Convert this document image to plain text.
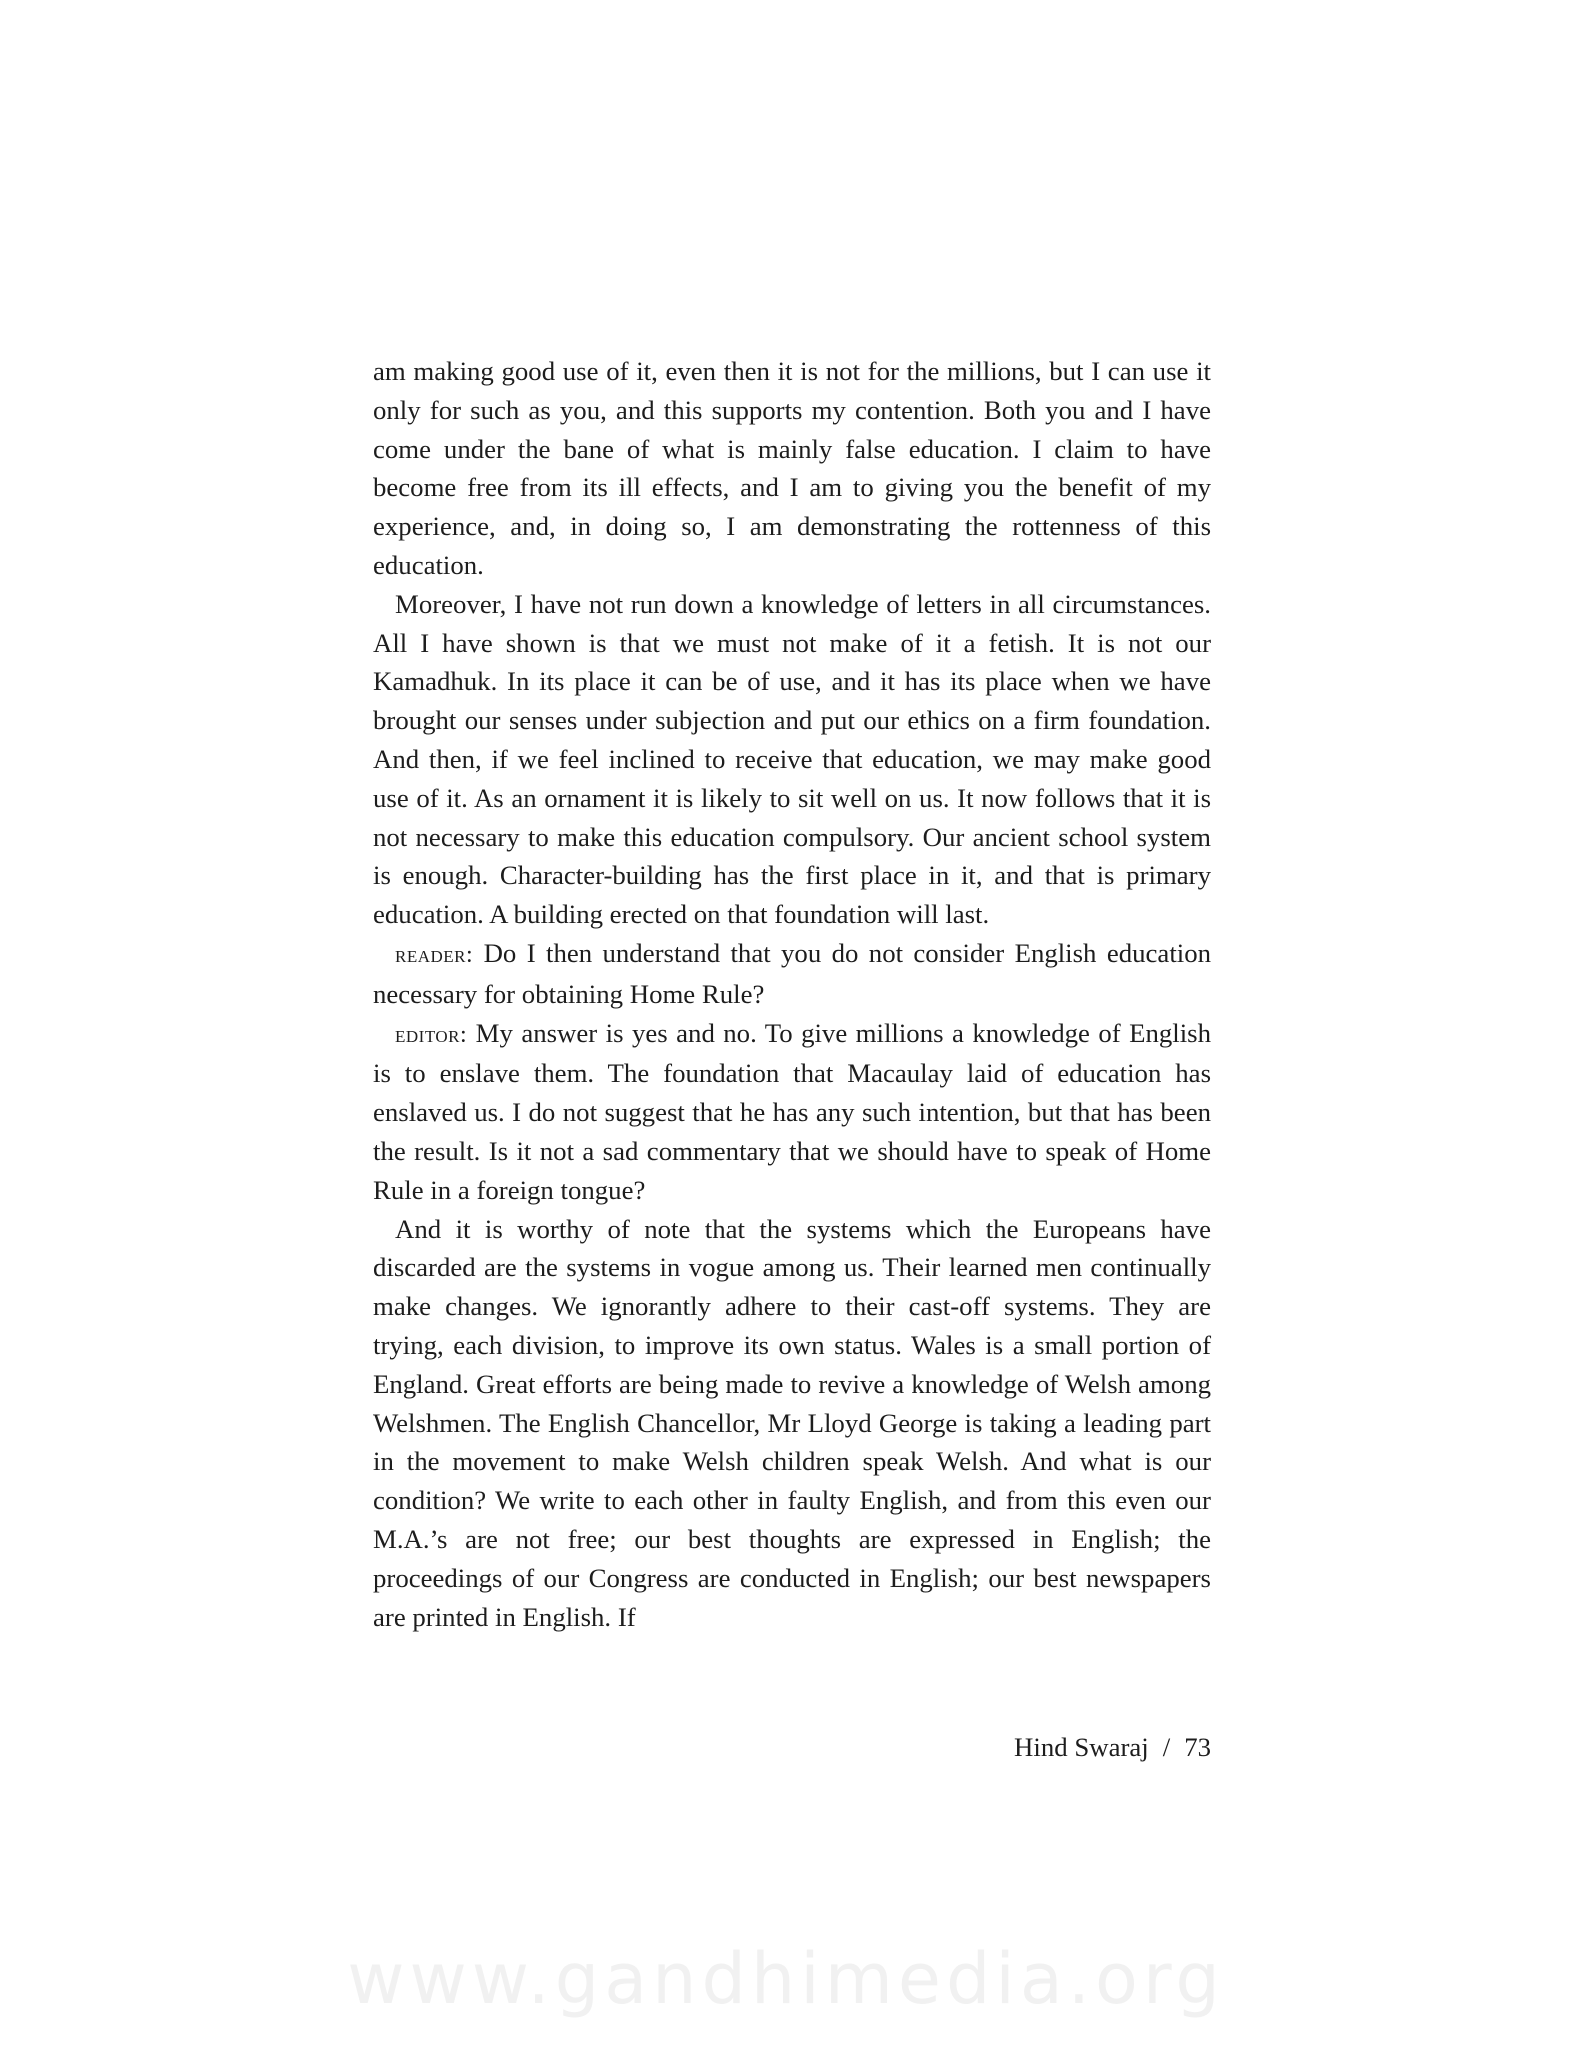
am making good use of it, even then it is not for the millions, but I can use it only for such as you, and this supports my contention. Both you and I have come under the bane of what is mainly false education. I claim to have become free from its ill effects, and I am to giving you the benefit of my experience, and, in doing so, I am demonstrating the rottenness of this education.

Moreover, I have not run down a knowledge of letters in all circumstances. All I have shown is that we must not make of it a fetish. It is not our Kamadhuk. In its place it can be of use, and it has its place when we have brought our senses under subjection and put our ethics on a firm foundation. And then, if we feel inclined to receive that education, we may make good use of it. As an ornament it is likely to sit well on us. It now follows that it is not necessary to make this education compulsory. Our ancient school system is enough. Character-building has the first place in it, and that is primary education. A building erected on that foundation will last.

reader: Do I then understand that you do not consider English education necessary for obtaining Home Rule?

editor: My answer is yes and no. To give millions a knowledge of English is to enslave them. The foundation that Macaulay laid of education has enslaved us. I do not suggest that he has any such intention, but that has been the result. Is it not a sad commentary that we should have to speak of Home Rule in a foreign tongue?

And it is worthy of note that the systems which the Europeans have discarded are the systems in vogue among us. Their learned men continually make changes. We ignorantly adhere to their cast-off systems. They are trying, each division, to improve its own status. Wales is a small portion of England. Great efforts are being made to revive a knowledge of Welsh among Welshmen. The English Chancellor, Mr Lloyd George is taking a leading part in the movement to make Welsh children speak Welsh. And what is our condition? We write to each other in faulty English, and from this even our M.A.’s are not free; our best thoughts are expressed in English; the proceedings of our Congress are conducted in English; our best newspapers are printed in English. If

Hind Swaraj / 73
www.gandhimedia.org
